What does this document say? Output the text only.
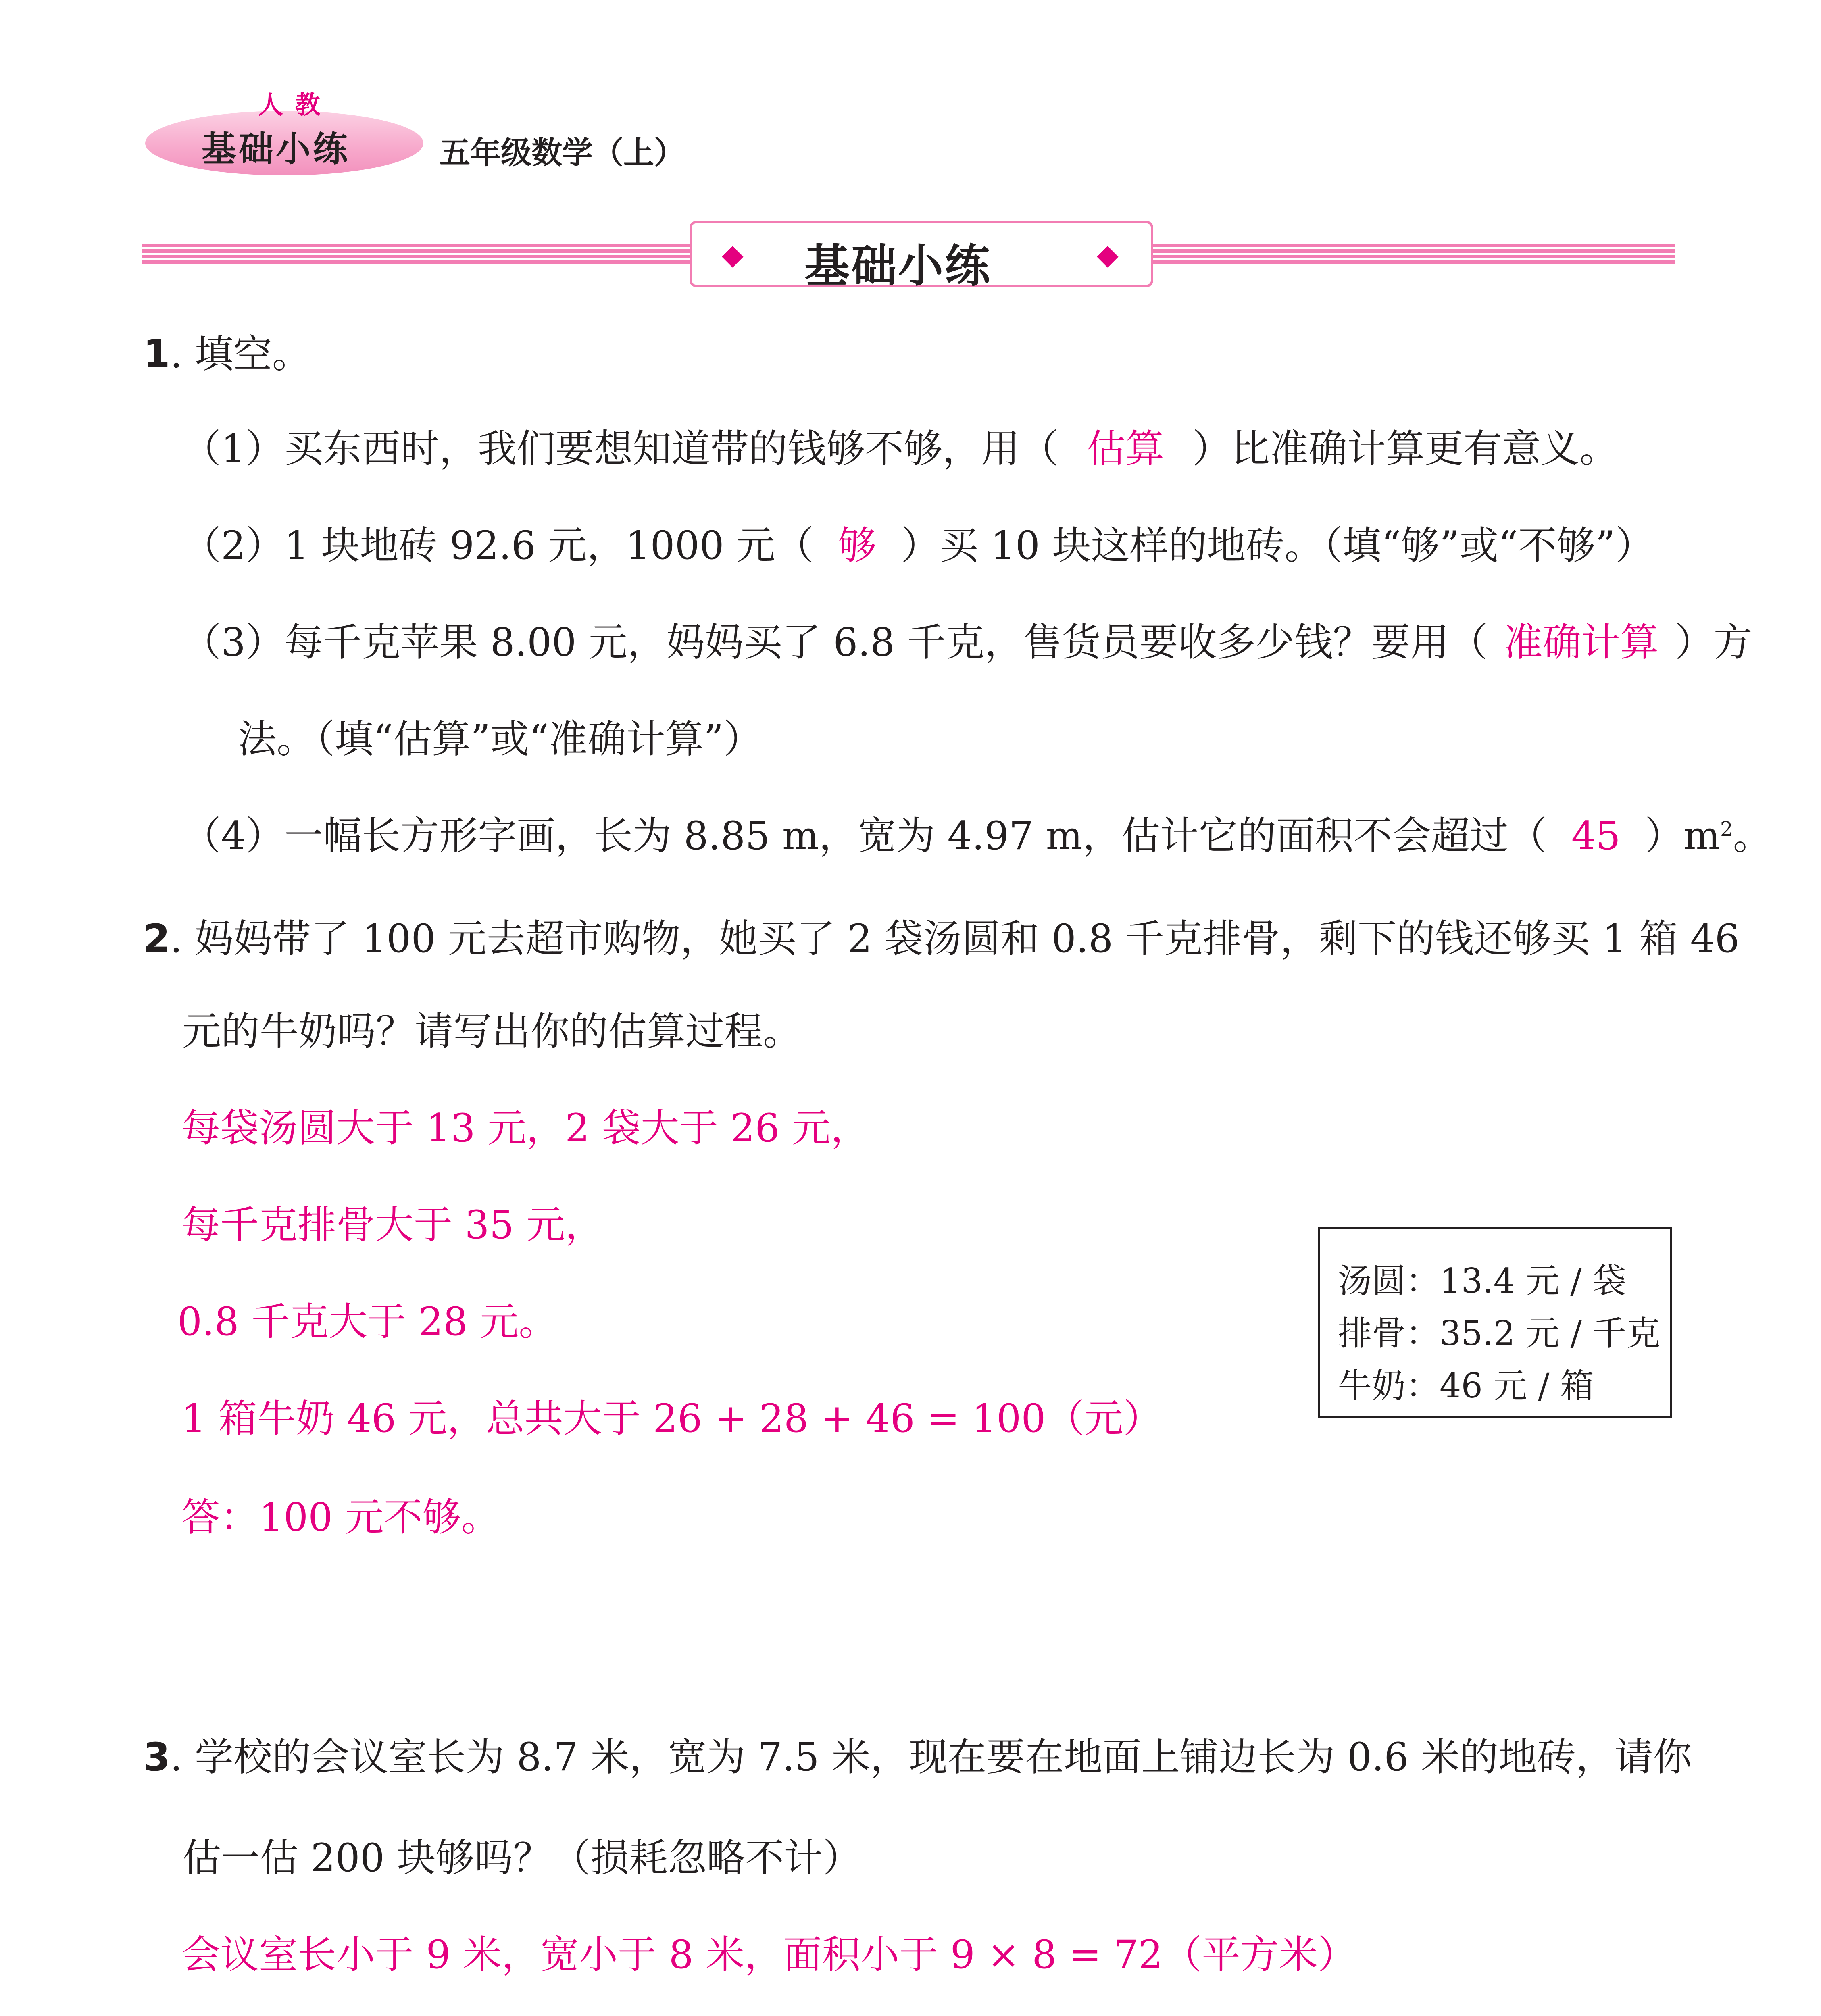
人教
基础小练	五年级数学（上）
◆	◆
基础小练
1. 填空。
（1）买东西时，我们要想知道带的钱够不够，用（ 估算 ）比准确计算更有意义。
（2）1 块地砖 92.6 元，1000 元（ 够 ）买 10 块这样的地砖。（填“够”或“不够”）
（3）每千克苹果 8.00 元，妈妈买了 6.8 千克，售货员要收多少钱？要用（ 准确计算 ）方
法。（填“估算”或“准确计算”）
（4）一幅长方形字画，长为 8.85 m，宽为 4.97 m，估计它的面积不会超过（ 45 ）$m^2$。
2. 妈妈带了 100 元去超市购物，她买了 2 袋汤圆和 0.8 千克排骨，剩下的钱还够买 1 箱 46
元的牛奶吗？请写出你的估算过程。
每袋汤圆大于 13 元，2 袋大于 26 元，
每千克排骨大于 35 元，
0.8 千克大于 28 元。
1 箱牛奶 46 元，总共大于 26 + 28 + 46 = 100（元）
答：100 元不够。
汤圆：13.4 元 / 袋
排骨：35.2 元 / 千克
牛奶：46 元 / 箱
3. 学校的会议室长为 8.7 米，宽为 7.5 米，现在要在地面上铺边长为 0.6 米的地砖，请你
估一估 200 块够吗？（损耗忽略不计）
会议室长小于 9 米，宽小于 8 米，面积小于 9 × 8 = 72（平方米）
